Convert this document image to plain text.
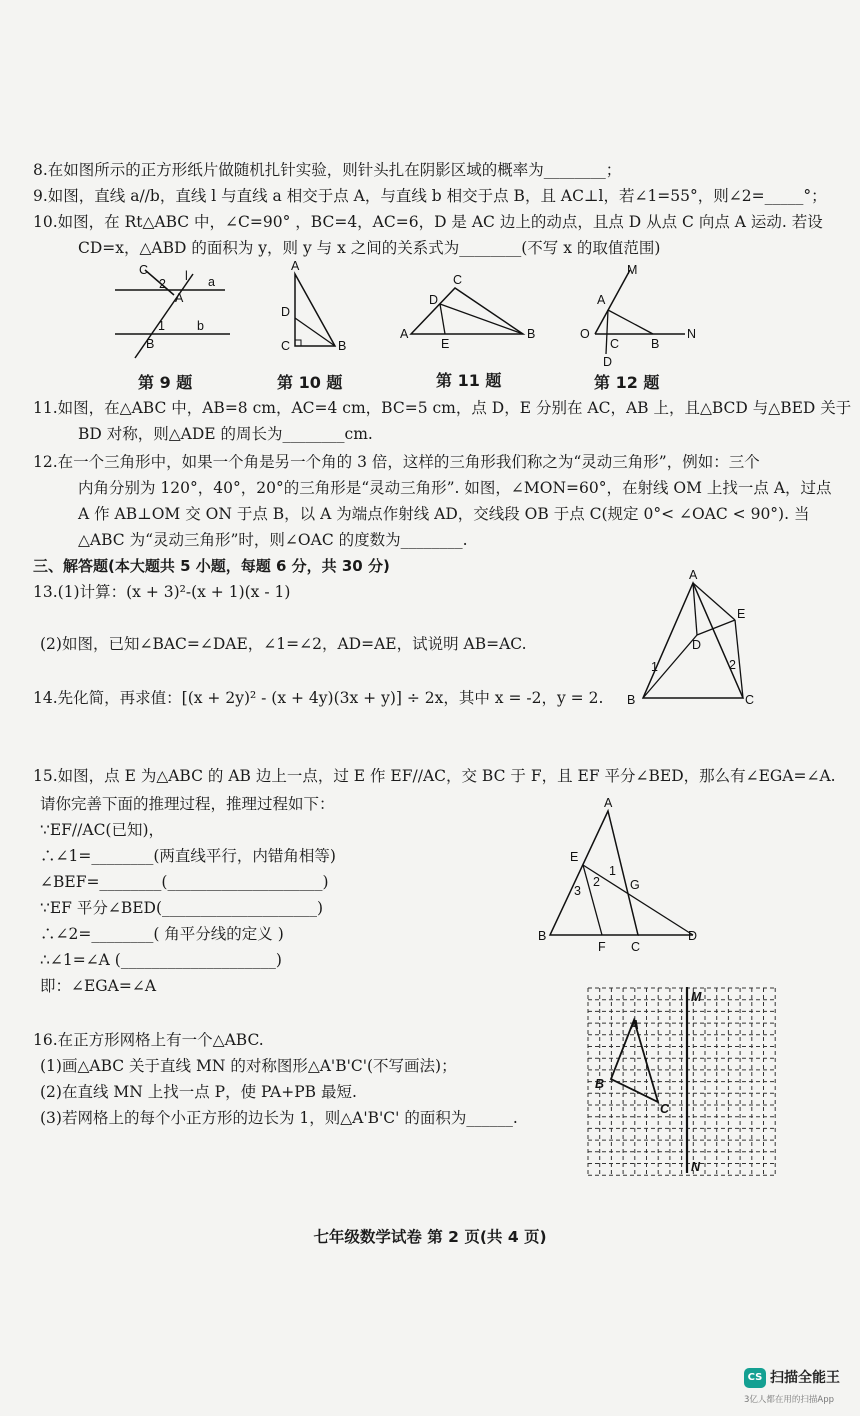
8.在如图所示的正方形纸片做随机扎针实验，则针头扎在阴影区域的概率为________；
9.如图，直线 a//b，直线 l 与直线 a 相交于点 A，与直线 b 相交于点 B，且 AC⊥l，若∠1=55°，则∠2=_____°；
10.如图，在 Rt△ABC 中，∠C=90° ，BC=4，AC=6，D 是 AC 边上的动点，且点 D 从点 C 向点 A 运动. 若设
CD=x，△ABD 的面积为 y，则 y 与 x 之间的关系式为________(不写 x 的取值范围)
C	l
2
A
a
1	b
B
A
D
C	B
C
D
A
E
B
M
A
O
C	B
N
D
第 9 题	第 10 题	第 11 题	第 12 题
11.如图，在△ABC 中，AB=8 cm，AC=4 cm，BC=5 cm，点 D，E 分别在 AC，AB 上，且△BCD 与△BED 关于
BD 对称，则△ADE 的周长为________cm.
12.在一个三角形中，如果一个角是另一个角的 3 倍，这样的三角形我们称之为“灵动三角形”，例如：三个
内角分别为 120°，40°，20°的三角形是“灵动三角形”. 如图，∠MON=60°，在射线 OM 上找一点 A，过点
A 作 AB⊥OM 交 ON 于点 B，以 A 为端点作射线 AD，交线段 OB 于点 C(规定 0°< ∠OAC < 90°). 当
△ABC 为“灵动三角形”时，则∠OAC 的度数为________.
三、解答题(本大题共 5 小题，每题 6 分，共 30 分)
13.(1)计算：(x + 3)²-(x + 1)(x - 1)
(2)如图，已知∠BAC=∠DAE，∠1=∠2，AD=AE，试说明 AB=AC.
14.先化简，再求值：[(x + 2y)² - (x + 4y)(3x + y)] ÷ 2x，其中 x = -2，y = 2.
A
E
D
1	2
B	C
15.如图，点 E 为△ABC 的 AB 边上一点，过 E 作 EF//AC，交 BC 于 F，且 EF 平分∠BED，那么有∠EGA=∠A.
请你完善下面的推理过程，推理过程如下：
∵EF//AC(已知)，
∴∠1=________(两直线平行，内错角相等)
∠BEF=________(____________________)
∵EF 平分∠BED(____________________)
∴∠2=________( 角平分线的定义 )
∴∠1=∠A (____________________)
即：∠EGA=∠A
A
E
1
2
3	G
B
F C
D
16.在正方形网格上有一个△ABC.
(1)画△ABC 关于直线 MN 的对称图形△A'B'C'(不写画法)；
(2)在直线 MN 上找一点 P，使 PA+PB 最短.
(3)若网格上的每个小正方形的边长为 1，则△A'B'C' 的面积为______.
M
A
B
C
N
七年级数学试卷 第 2 页(共 4 页)
CS 扫描全能王
3亿人都在用的扫描App
